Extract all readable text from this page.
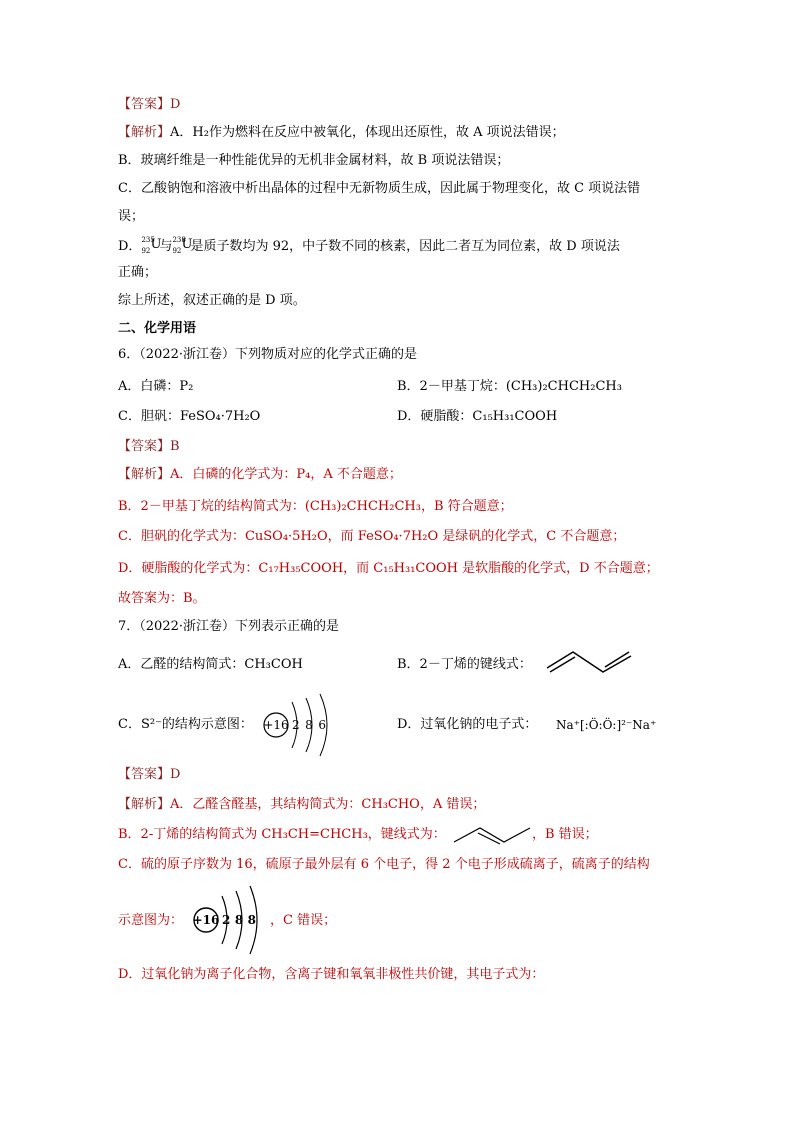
【答案】D
【解析】A．H₂作为燃料在反应中被氧化，体现出还原性，故 A 项说法错误；
B．玻璃纤维是一种性能优异的无机非金属材料，故 B 项说法错误；
C．乙酸钠饱和溶液中析出晶体的过程中无新物质生成，因此属于物理变化，故 C 项说法错
误；
D． 235
92 U
与 238
92 U
是质子数均为 92，中子数不同的核素，因此二者互为同位素，故 D 项说法
正确；
综上所述，叙述正确的是 D 项。
二、化学用语
6．（2022·浙江卷）下列物质对应的化学式正确的是
A．白磷：P₂	B．2－甲基丁烷：(CH₃)₂CHCH₂CH₃
C．胆矾：FeSO₄·7H₂O	D．硬脂酸：C₁₅H₃₁COOH
【答案】B
【解析】A．白磷的化学式为：P₄，A 不合题意；
B．2－甲基丁烷的结构简式为：(CH₃)₂CHCH₂CH₃，B 符合题意；
C．胆矾的化学式为：CuSO₄·5H₂O，而 FeSO₄·7H₂O 是绿矾的化学式，C 不合题意；
D．硬脂酸的化学式为：C₁₇H₃₅COOH，而 C₁₅H₃₁COOH 是软脂酸的化学式，D 不合题意；
故答案为：B。
7．（2022·浙江卷）下列表示正确的是
A．乙醛的结构简式：CH₃COH	B．2－丁烯的键线式：
C．S²⁻的结构示意图： +16 2 8 6	D．过氧化钠的电子式： Na⁺[:Ö:Ö:]²⁻Na⁺
【答案】D
【解析】A．乙醛含醛基，其结构简式为：CH₃CHO，A 错误；
B．2-丁烯的结构简式为 CH₃CH=CHCH₃，键线式为：	，B 错误；
C．硫的原子序数为 16，硫原子最外层有 6 个电子，得 2 个电子形成硫离子，硫离子的结构
示意图为： +16 2 8 8 ，C 错误；
D．过氧化钠为离子化合物，含离子键和氧氧非极性共价键，其电子式为：
